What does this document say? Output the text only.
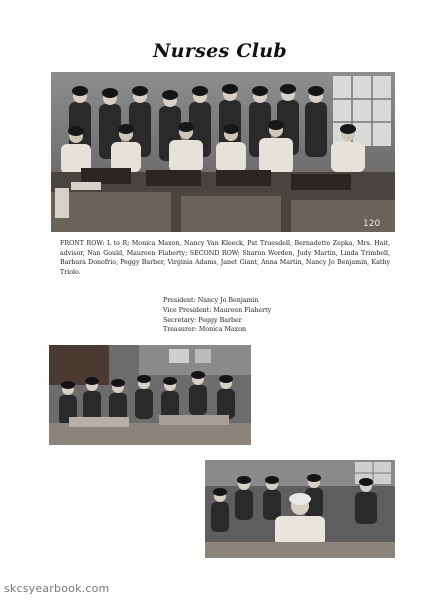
Nurses Club
120
FRONT ROW: L to R; Monica Maxon, Nancy Van Kleeck, Pat Truesdell, Bernadette Zepka, Mrs. Hait, advisor, Nan Gould, Maureen Flaherty; SECOND ROW: Sharon Worden, Judy Martin, Linda Trimbell, Barbara Donofrio, Peggy Barber, Virginia Adams, Janet Giant, Anna Martin, Nancy Jo Benjamin, Kathy Triolo.
President: Nancy Jo Benjamin
Vice President: Maureen Flaherty
Secretary: Peggy Barber
Treasurer: Monica Maxon
skcsyearbook.com
